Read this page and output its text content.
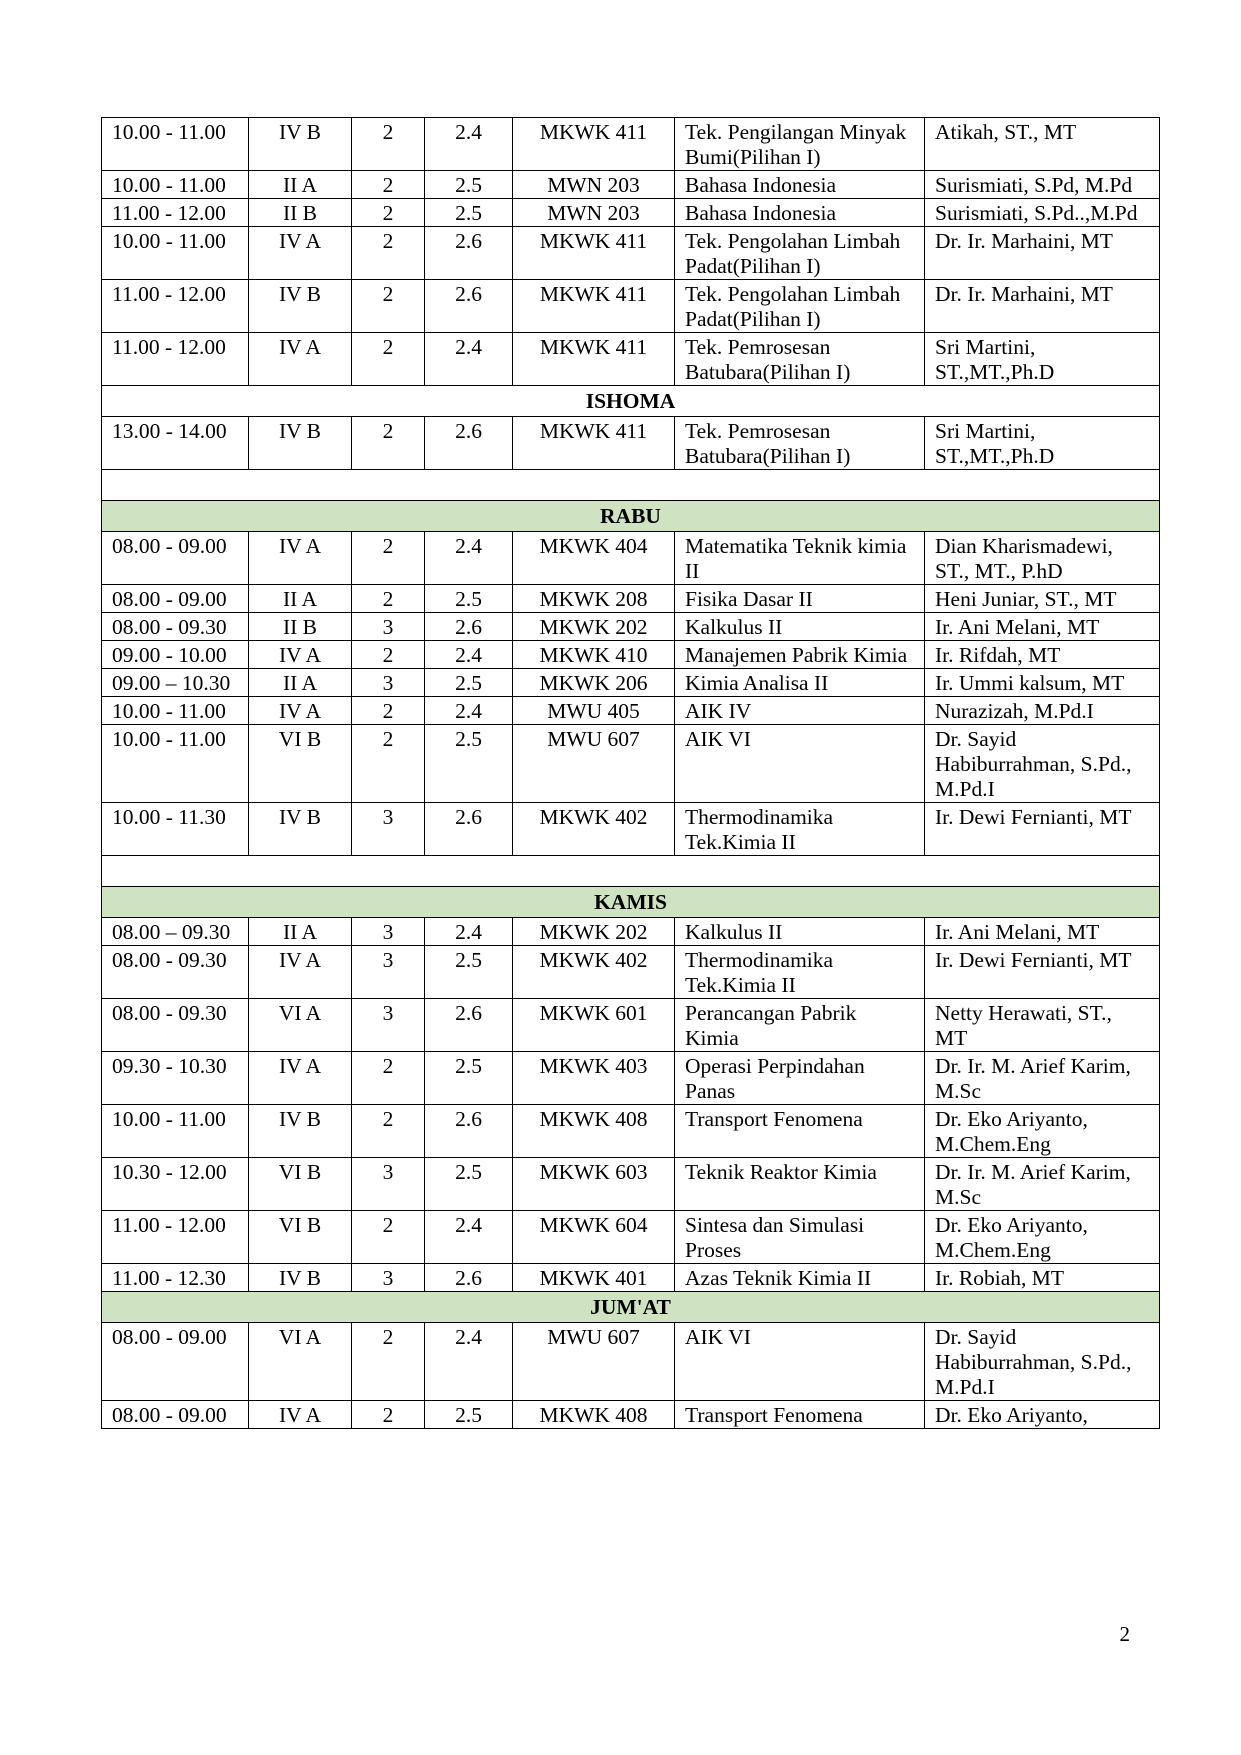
10.00 - 11.00	IV B	2	2.4	MKWK 411	Tek. Pengilangan Minyak Bumi(Pilihan I)	Atikah, ST., MT
10.00 - 11.00	II A	2	2.5	MWN 203	Bahasa Indonesia	Surismiati, S.Pd, M.Pd
11.00 - 12.00	II B	2	2.5	MWN 203	Bahasa Indonesia	Surismiati, S.Pd..,M.Pd
10.00 - 11.00	IV A	2	2.6	MKWK 411	Tek. Pengolahan Limbah Padat(Pilihan I)	Dr. Ir. Marhaini, MT
11.00 - 12.00	IV B	2	2.6	MKWK 411	Tek. Pengolahan Limbah Padat(Pilihan I)	Dr. Ir. Marhaini, MT
11.00 - 12.00	IV A	2	2.4	MKWK 411	Tek. Pemrosesan Batubara(Pilihan I)	Sri Martini, ST.,MT.,Ph.D
ISHOMA						
13.00 - 14.00	IV B	2	2.6	MKWK 411	Tek. Pemrosesan Batubara(Pilihan I)	Sri Martini, ST.,MT.,Ph.D

RABU						
08.00 - 09.00	IV A	2	2.4	MKWK 404	Matematika Teknik kimia II	Dian Kharismadewi, ST., MT., P.hD
08.00 - 09.00	II A	2	2.5	MKWK 208	Fisika Dasar II	Heni Juniar, ST., MT
08.00 - 09.30	II B	3	2.6	MKWK 202	Kalkulus II	Ir. Ani Melani, MT
09.00 - 10.00	IV A	2	2.4	MKWK 410	Manajemen Pabrik Kimia	Ir. Rifdah, MT
09.00 – 10.30	II A	3	2.5	MKWK 206	Kimia Analisa II	Ir. Ummi kalsum, MT
10.00 - 11.00	IV A	2	2.4	MWU 405	AIK IV	Nurazizah, M.Pd.I
10.00 - 11.00	VI B	2	2.5	MWU 607	AIK VI	Dr. Sayid Habiburrahman, S.Pd., M.Pd.I
10.00 - 11.30	IV B	3	2.6	MKWK 402	Thermodinamika Tek.Kimia II	Ir. Dewi Fernianti, MT

KAMIS						
08.00 – 09.30	II A	3	2.4	MKWK 202	Kalkulus II	Ir. Ani Melani, MT
08.00 - 09.30	IV A	3	2.5	MKWK 402	Thermodinamika Tek.Kimia II	Ir. Dewi Fernianti, MT
08.00 - 09.30	VI A	3	2.6	MKWK 601	Perancangan Pabrik Kimia	Netty Herawati, ST., MT
09.30 - 10.30	IV A	2	2.5	MKWK 403	Operasi Perpindahan Panas	Dr. Ir. M. Arief Karim, M.Sc
10.00 - 11.00	IV B	2	2.6	MKWK 408	Transport Fenomena	Dr. Eko Ariyanto, M.Chem.Eng
10.30 - 12.00	VI B	3	2.5	MKWK 603	Teknik Reaktor Kimia	Dr. Ir. M. Arief Karim, M.Sc
11.00 - 12.00	VI B	2	2.4	MKWK 604	Sintesa dan Simulasi Proses	Dr. Eko Ariyanto, M.Chem.Eng
11.00 - 12.30	IV B	3	2.6	MKWK 401	Azas Teknik Kimia II	Ir. Robiah, MT
JUM'AT						
08.00 - 09.00	VI A	2	2.4	MWU 607	AIK VI	Dr. Sayid Habiburrahman, S.Pd., M.Pd.I
08.00 - 09.00	IV A	2	2.5	MKWK 408	Transport Fenomena	Dr. Eko Ariyanto,
2
